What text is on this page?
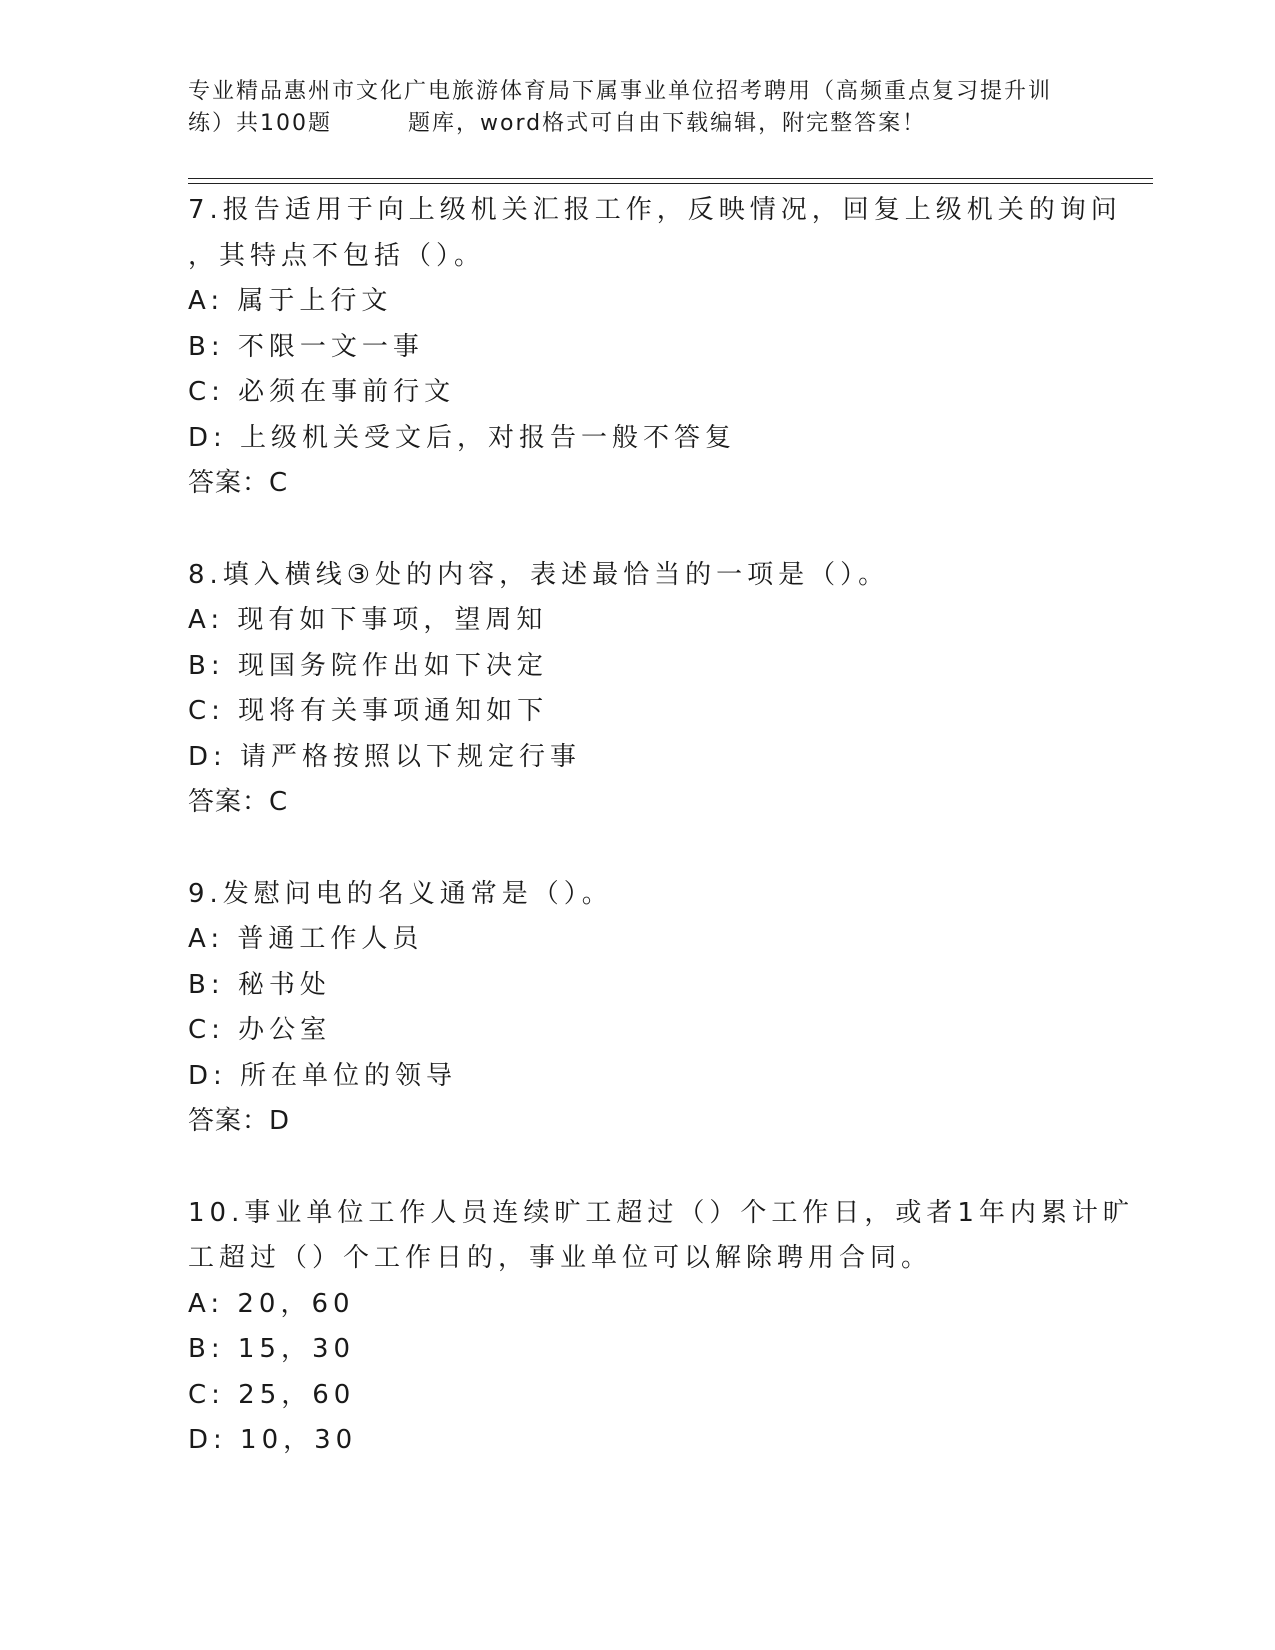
专业精品惠州市文化广电旅游体育局下属事业单位招考聘用（高频重点复习提升训
练）共100题	题库，word格式可自由下载编辑，附完整答案！
7.报告适用于向上级机关汇报工作，反映情况，回复上级机关的询问
，其特点不包括（）。
A: 属于上行文
B: 不限一文一事
C: 必须在事前行文
D: 上级机关受文后，对报告一般不答复
答案：C
8.填入横线③处的内容，表述最恰当的一项是（）。
A: 现有如下事项，望周知
B: 现国务院作出如下决定
C: 现将有关事项通知如下
D: 请严格按照以下规定行事
答案：C
9.发慰问电的名义通常是（）。
A: 普通工作人员
B: 秘书处
C: 办公室
D: 所在单位的领导
答案：D
10.事业单位工作人员连续旷工超过（）个工作日，或者1年内累计旷
工超过（）个工作日的，事业单位可以解除聘用合同。
A: 20，60
B: 15，30
C: 25，60
D: 10，30
